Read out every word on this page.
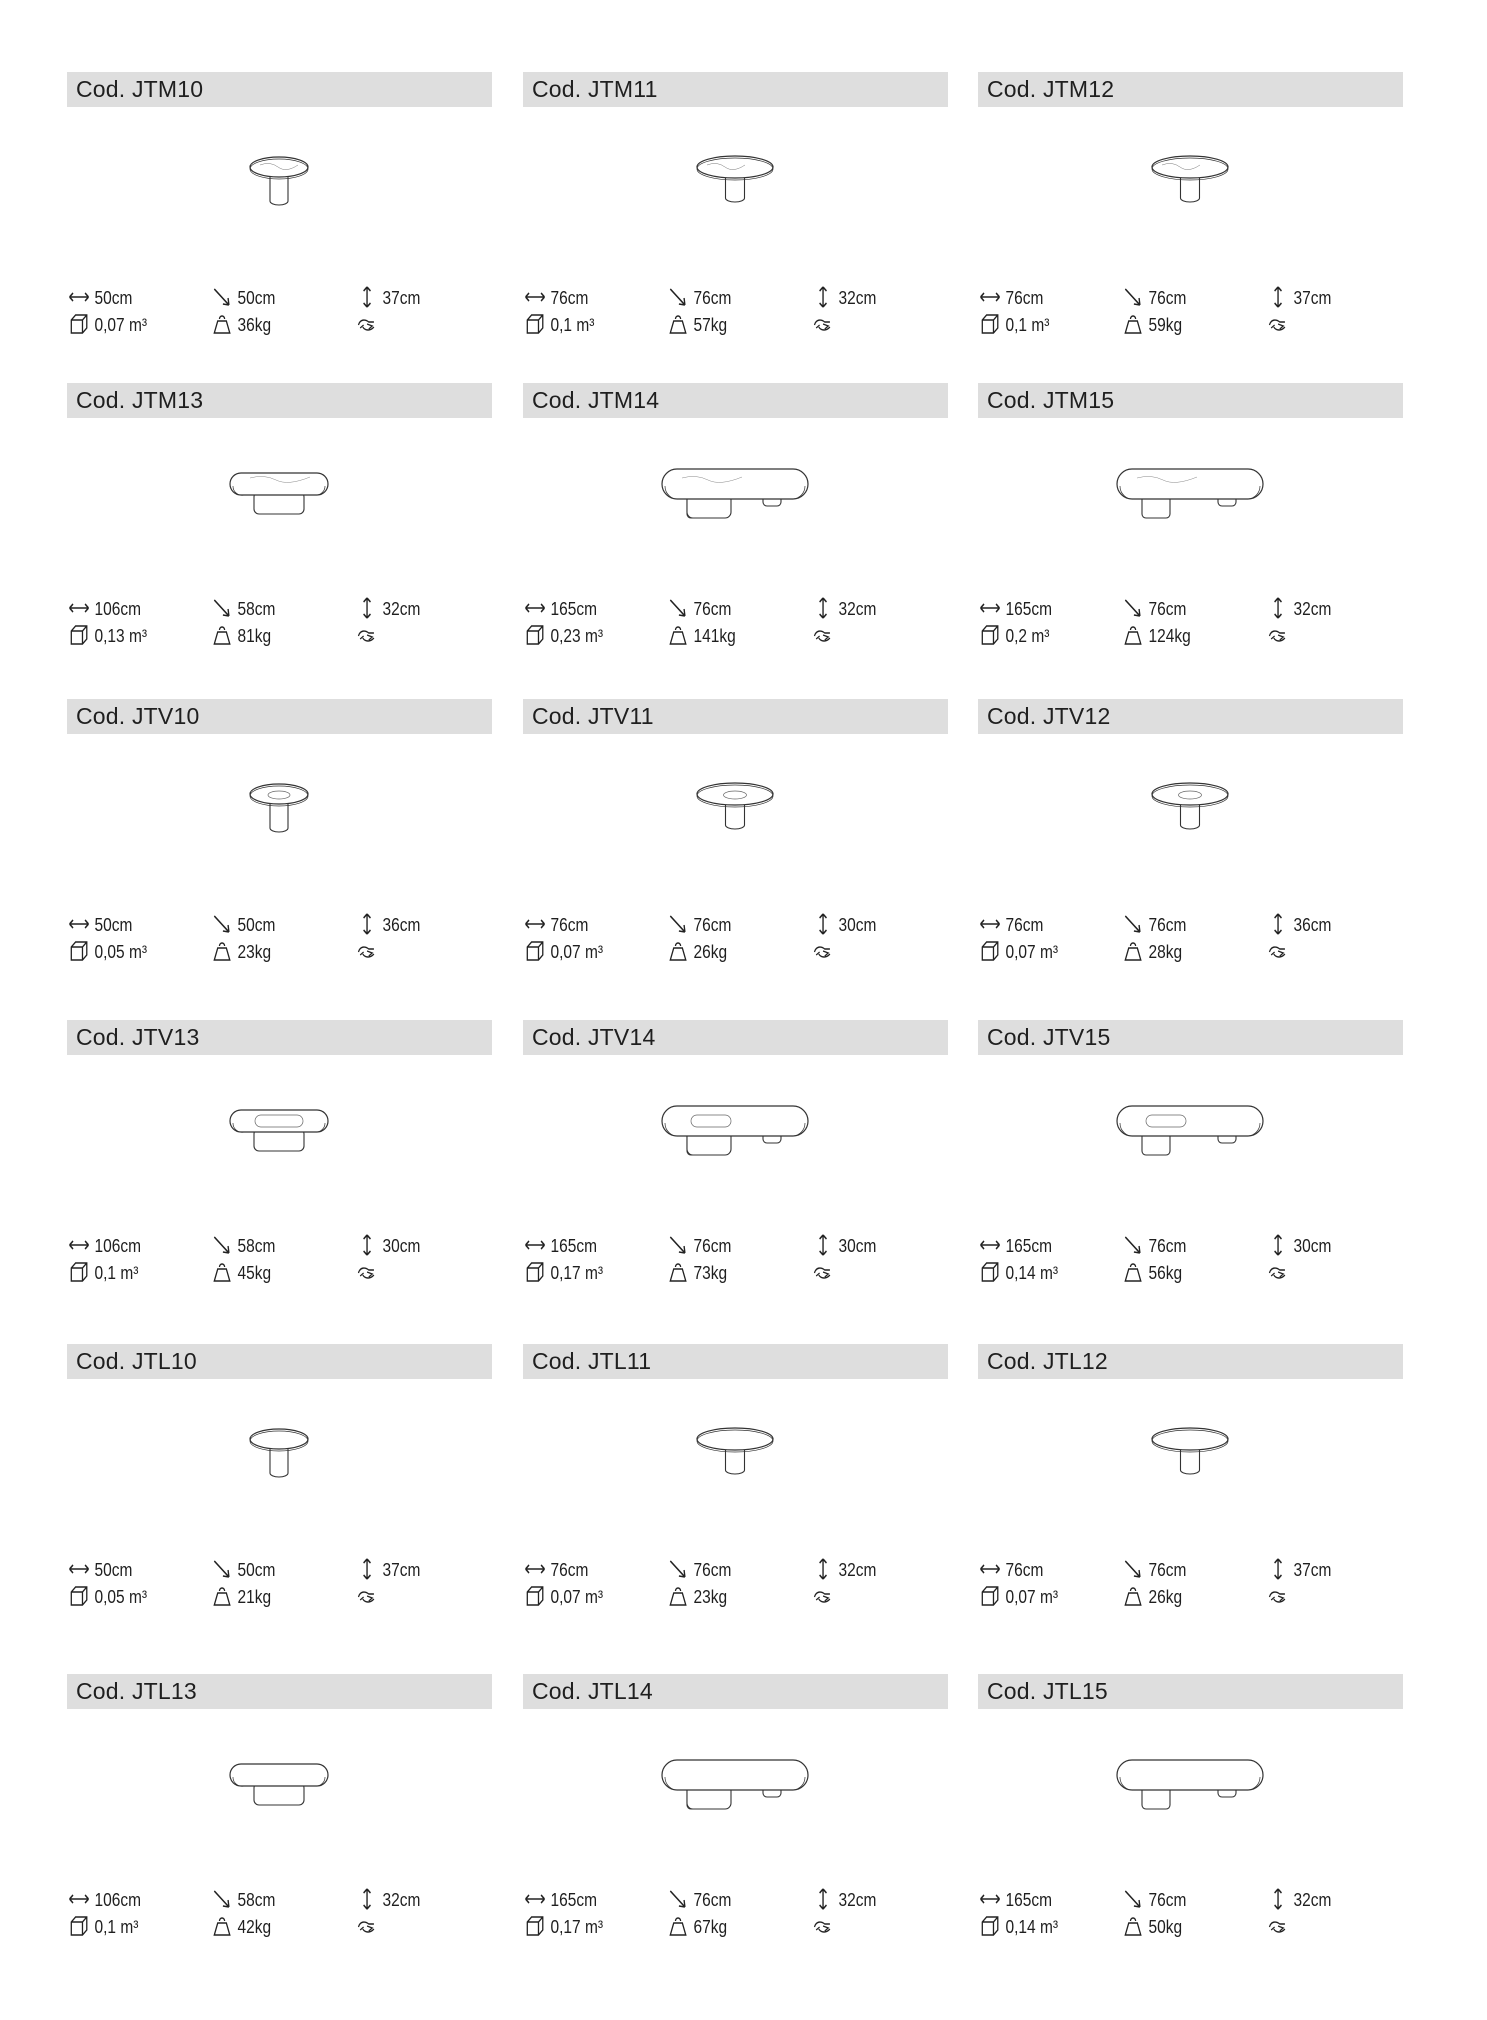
Cod. JTM10
50cm	50cm	37cm
0,07 m³	36kg
Cod. JTM11
76cm	76cm	32cm
0,1 m³	57kg
Cod. JTM12
76cm	76cm	37cm
0,1 m³	59kg
Cod. JTM13
106cm	58cm	32cm
0,13 m³	81kg
Cod. JTM14
165cm	76cm	32cm
0,23 m³	141kg
Cod. JTM15
165cm	76cm	32cm
0,2 m³	124kg
Cod. JTV10
50cm	50cm	36cm
0,05 m³	23kg
Cod. JTV11
76cm	76cm	30cm
0,07 m³	26kg
Cod. JTV12
76cm	76cm	36cm
0,07 m³	28kg
Cod. JTV13
106cm	58cm	30cm
0,1 m³	45kg
Cod. JTV14
165cm	76cm	30cm
0,17 m³	73kg
Cod. JTV15
165cm	76cm	30cm
0,14 m³	56kg
Cod. JTL10
50cm	50cm	37cm
0,05 m³	21kg
Cod. JTL11
76cm	76cm	32cm
0,07 m³	23kg
Cod. JTL12
76cm	76cm	37cm
0,07 m³	26kg
Cod. JTL13
106cm	58cm	32cm
0,1 m³	42kg
Cod. JTL14
165cm	76cm	32cm
0,17 m³	67kg
Cod. JTL15
165cm	76cm	32cm
0,14 m³	50kg
